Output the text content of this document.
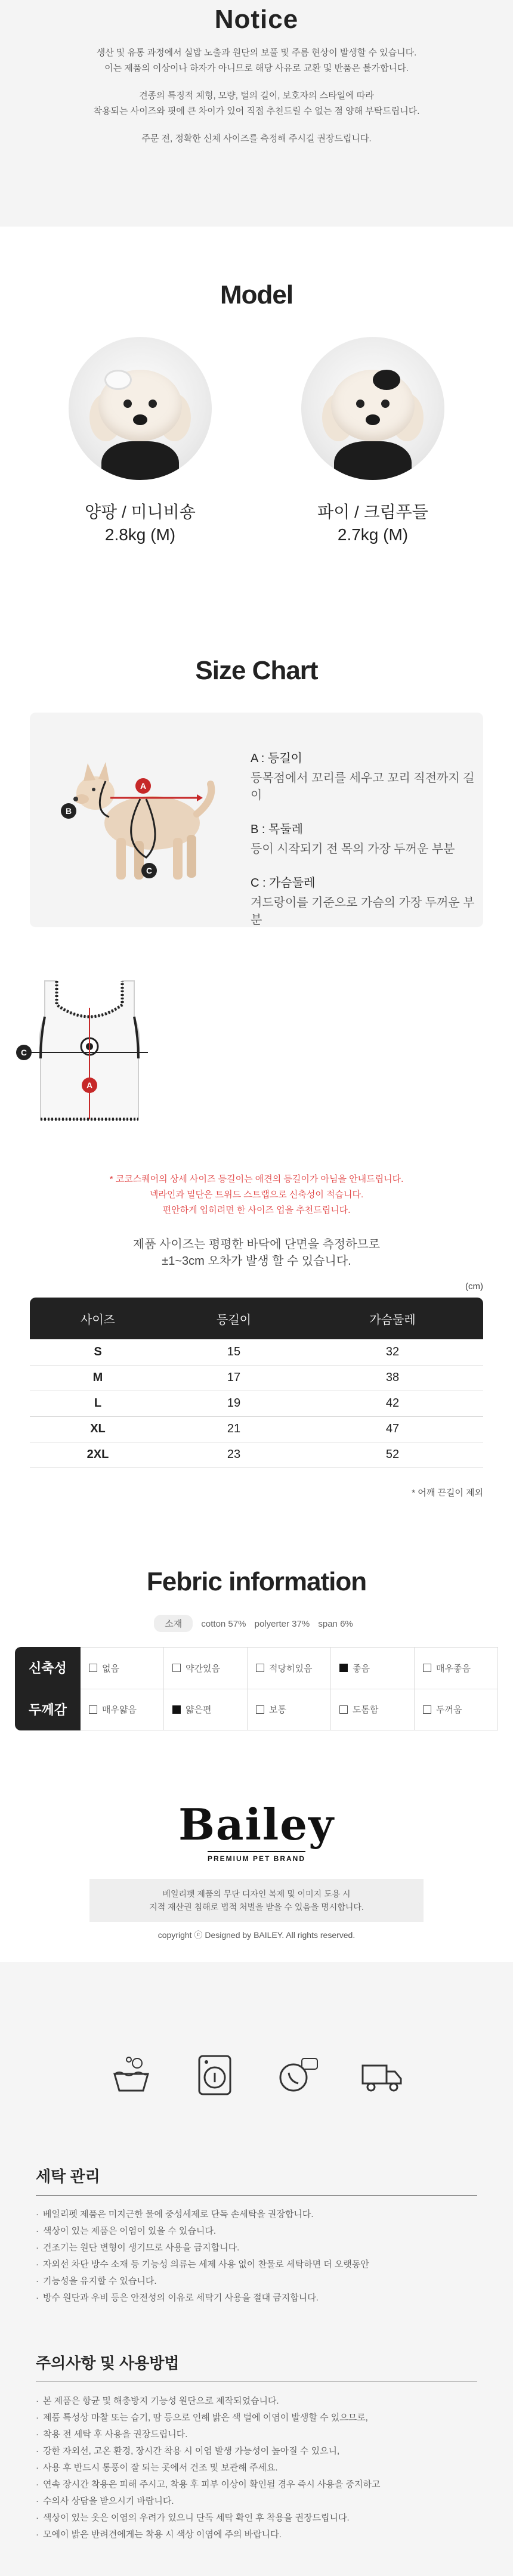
Notice

생산 및 유통 과정에서 실밥 노출과 원단의 보풀 및 주름 현상이 발생할 수 있습니다.

이는 제품의 이상이나 하자가 아니므로 해당 사유로 교환 및 반품은 불가합니다.

견종의 특징적 체형, 모량, 털의 길이, 보호자의 스타일에 따라

착용되는 사이즈와 핏에 큰 차이가 있어 직접 추천드릴 수 없는 점 양해 부탁드립니다.

주문 전, 정확한 신체 사이즈를 측정해 주시길 권장드립니다.

Model
양팡 / 미니비숑
2.8kg (M)
파이 / 크림푸들
2.7kg (M)
Size Chart
A
B
C
A : 등길이
등목점에서 꼬리를 세우고 꼬리 직전까지 길이
B : 목둘레
등이 시작되기 전 목의 가장 두꺼운 부분
C : 가슴둘레
겨드랑이를 기준으로 가슴의 가장 두꺼운 부분
C
A

* 코코스퀘어의 상세 사이즈 등길이는 애견의 등길이가 아님을 안내드립니다.

넥라인과 밑단은 트위드 스트랩으로 신축성이 적습니다.

편안하게 입히려면 한 사이즈 업을 추천드립니다.

제품 사이즈는 평평한 바닥에 단면을 측정하므로

±1~3cm 오차가 발생 할 수 있습니다.

(cm)
사이즈	등길이	가슴둘레
S	15	32
M	17	38
L	19	42
XL	21	47
2XL	23	52
* 어깨 끈길이 제외
Febric information
소재 cotton 57% polyerter 37% span 6%
신축성	없음	약간있음	적당히있음	좋음	매우좋음
두께감	매우얇음	얇은편	보통	도톰함	두꺼움
Bailey
PREMIUM PET BRAND
베일리펫 제품의 무단 디자인 복제 및 이미지 도용 시
지적 재산권 침해로 법적 처벌을 받을 수 있음을 명시합니다.
copyright ⓒ Designed by BAILEY. All rights reserved.
세탁 관리
· 베일리펫 제품은 미지근한 물에 중성세제로 단독 손세탁을 권장합니다.
· 색상이 있는 제품은 이염이 있을 수 있습니다.
· 건조기는 원단 변형이 생기므로 사용을 금지합니다.
· 자외선 차단 방수 소재 등 기능성 의류는 세제 사용 없이 찬물로 세탁하면 더 오랫동안
· 기능성을 유지할 수 있습니다.
· 방수 원단과 우비 등은 안전성의 이유로 세탁기 사용을 절대 금지합니다.
주의사항 및 사용방법
· 본 제품은 항균 및 해충방지 기능성 원단으로 제작되었습니다.
· 제품 특성상 마찰 또는 습기, 땀 등으로 인해 밝은 색 털에 이염이 발생할 수 있으므로,
· 착용 전 세탁 후 사용을 권장드립니다.
· 강한 자외선, 고온 환경, 장시간 착용 시 이염 발생 가능성이 높아질 수 있으니,
· 사용 후 반드시 통풍이 잘 되는 곳에서 건조 및 보관해 주세요.
· 연속 장시간 착용은 피해 주시고, 착용 후 피부 이상이 확인될 경우 즉시 사용을 중지하고
· 수의사 상담을 받으시기 바랍니다.
· 색상이 있는 옷은 이염의 우려가 있으니 단독 세탁 확인 후 착용을 권장드립니다.
· 모에이 밝은 반려견에게는 착용 시 색상 이염에 주의 바랍니다.
